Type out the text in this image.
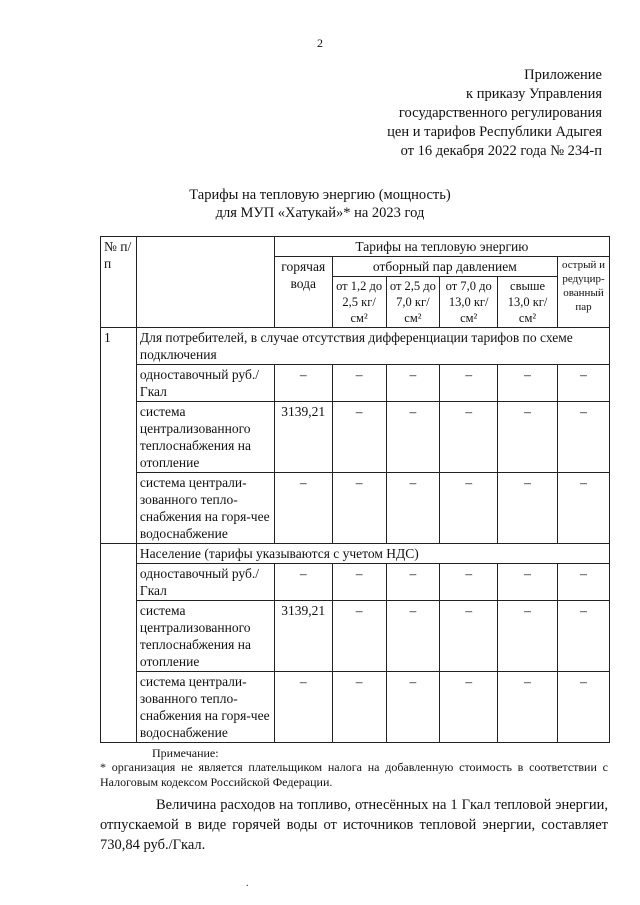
2
Приложение
к приказу Управления
государственного регулирования
цен и тарифов Республики Адыгея
от 16 декабря 2022 года № 234-п
Тарифы на тепловую энергию (мощность)
для МУП «Хатукай»* на 2023 год
№ п/п		Тарифы на тепловую энергию					
		горячая вода	отборный пар давлением				острый и редуцир-ованный пар
			от 1,2 до 2,5 кг/см²	от 2,5 до 7,0 кг/см²	от 7,0 до 13,0 кг/см²	свыше 13,0 кг/см²	
1	Для потребителей, в случае отсутствия дифференциации тарифов по схеме подключения						
	одноставочный руб./Гкал	–	–	–	–	–	–
	система централизованного теплоснабжения на отопление	3139,21	–	–	–	–	–
	система централи-зованного тепло-снабжения на горя-чее водоснабжение	–	–	–	–	–	–
	Население (тарифы указываются с учетом НДС)						
	одноставочный руб./Гкал	–	–	–	–	–	–
	система централизованного теплоснабжения на отопление	3139,21	–	–	–	–	–
	система централи-зованного тепло-снабжения на горя-чее водоснабжение	–	–	–	–	–	–
Примечание:
* организация не является плательщиком налога на добавленную стоимость в соответствии с Налоговым кодексом Российской Федерации.
Величина расходов на топливо, отнесённых на 1 Гкал тепловой энергии, отпускаемой в виде горячей воды от источников тепловой энергии, составляет 730,84 руб./Гкал.
.
